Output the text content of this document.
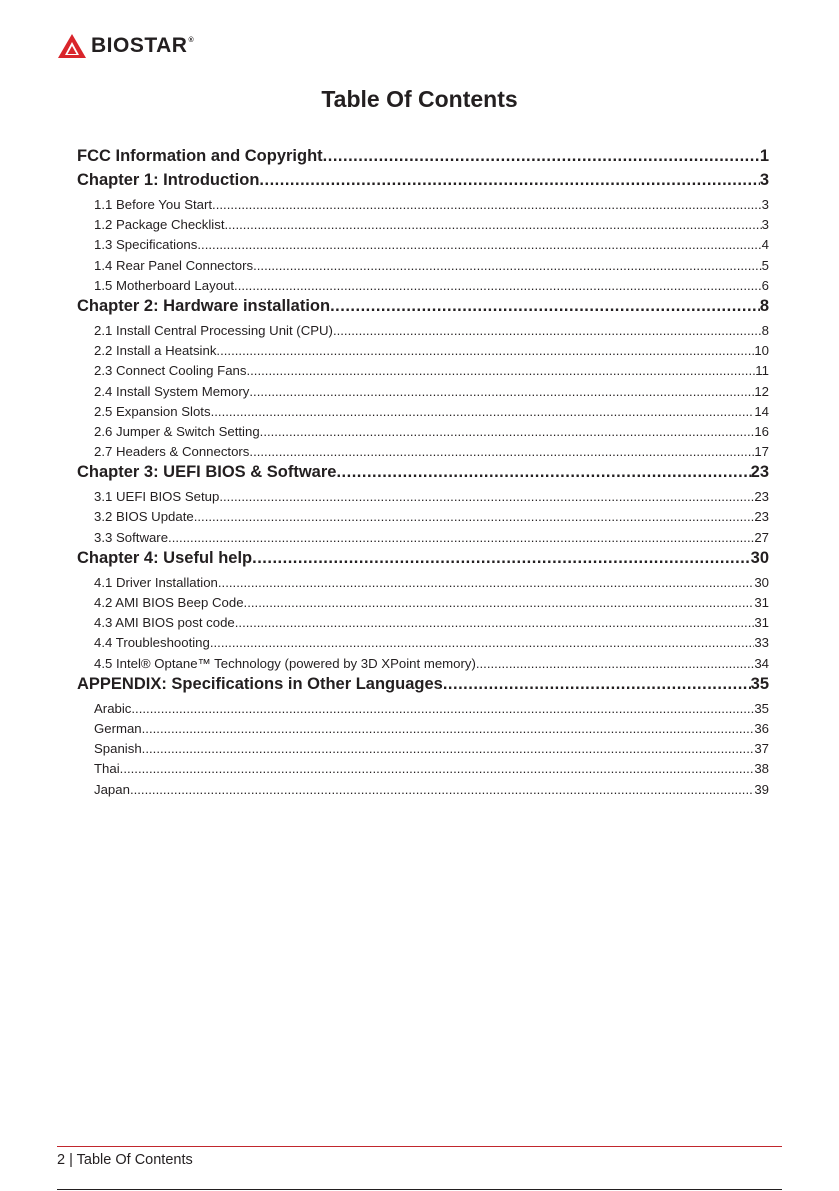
BIOSTAR ®
Table Of Contents
FCC Information and Copyright .....	1
Chapter 1: Introduction .....	3
1.1 Before You Start .....	3
1.2 Package Checklist .....	3
1.3 Specifications .....	4
1.4 Rear Panel Connectors .....	5
1.5 Motherboard Layout .....	6
Chapter 2: Hardware installation .....	8
2.1 Install Central Processing Unit (CPU) .....	8
2.2 Install a Heatsink .....	10
2.3 Connect Cooling Fans .....	11
2.4 Install System Memory .....	12
2.5 Expansion Slots .....	14
2.6 Jumper & Switch Setting .....	16
2.7 Headers & Connectors .....	17
Chapter 3: UEFI BIOS & Software .....	23
3.1 UEFI BIOS Setup .....	23
3.2 BIOS Update .....	23
3.3 Software .....	27
Chapter 4: Useful help .....	30
4.1 Driver Installation .....	30
4.2 AMI BIOS Beep Code .....	31
4.3 AMI BIOS post code .....	31
4.4 Troubleshooting .....	33
4.5 Intel® Optane™ Technology (powered by 3D XPoint memory) .....	34
APPENDIX: Specifications in Other Languages .....	35
Arabic .....	35
German .....	36
Spanish .....	37
Thai .....	38
Japan .....	39
2 | Table Of Contents
